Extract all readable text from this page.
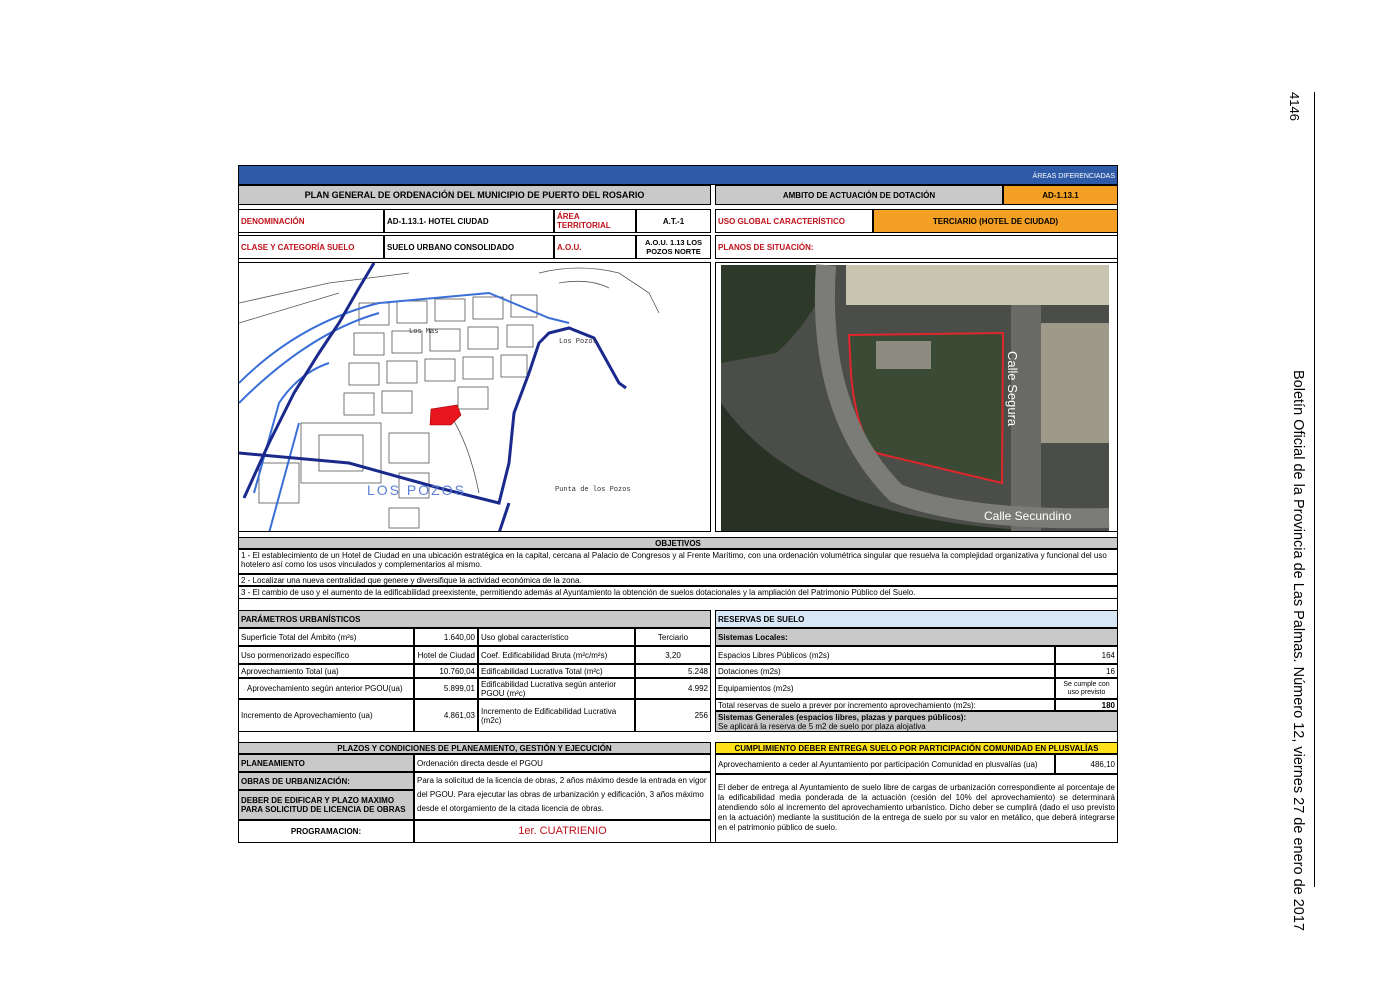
4146
Boletín Oficial de la Provincia de Las Palmas. Número 12, viernes 27 de enero de 2017
ÁREAS DIFERENCIADAS
PLAN GENERAL DE ORDENACIÓN DEL MUNICIPIO DE PUERTO DEL ROSARIO	AMBITO DE ACTUACIÓN DE DOTACIÓN	AD-1.13.1
DENOMINACIÓN	AD-1.13.1- HOTEL CIUDAD	ÁREA TERRITORIAL	A.T.-1	USO GLOBAL CARACTERÍSTICO	TERCIARIO (HOTEL DE CIUDAD)
CLASE Y CATEGORÍA SUELO	SUELO URBANO CONSOLIDADO	A.O.U.	A.O.U. 1.13 LOS POZOS NORTE	PLANOS DE SITUACIÓN:
LOS POZOS	Punta de los Pozos
Los Pozos
Los Mas
Calle Segura
Calle Secundino
OBJETIVOS
1 - El establecimiento de un Hotel de Ciudad en una ubicación estratégica en la capital, cercana al Palacio de Congresos y al Frente Marítimo, con una ordenación volumétrica singular que resuelva la complejidad organizativa y funcional del uso hotelero así como los usos vinculados y complementarios al mismo.
2 - Localizar una nueva centralidad que genere y diversifique la actividad económica de la zona.
3 - El cambio de uso y el aumento de la edificabilidad preexistente, permitiendo además al Ayuntamiento la obtención de suelos dotacionales y la ampliación del Patrimonio Público del Suelo.
PARÁMETROS URBANÍSTICOS
Superficie Total del Ámbito (m²s)	1.640,00 Uso global característico	Terciario
Uso pormenorizado específico	Hotel de Ciudad Coef. Edificabilidad Bruta (m²c/m²s)	3,20
Aprovechamiento Total (ua)	10.760,04 Edificabilidad Lucrativa Total (m²c)	5.248
Aprovechamiento según anterior PGOU(ua)	5.899,01 Edificabilidad Lucrativa según anterior PGOU (m²c)	4.992
Incremento de Aprovechamiento (ua)	4.861,03 Incremento de Edificabilidad Lucrativa (m2c)	256
RESERVAS DE SUELO
Sistemas Locales:
Espacios Libres Públicos (m2s)	164
Dotaciones (m2s)	16
Equipamientos (m2s)	Se cumple con uso previsto
Total reservas de suelo a prever por incremento aprovechamiento (m2s):	180
Sistemas Generales (espacios libres, plazas y parques públicos):
Se aplicará la reserva de 5 m2 de suelo por plaza alojativa
PLAZOS Y CONDICIONES DE PLANEAMIENTO, GESTIÓN Y EJECUCIÓN
PLANEAMIENTO	Ordenación directa desde el PGOU
OBRAS DE URBANIZACIÓN:
DEBER DE EDIFICAR Y PLAZO MAXIMO PARA SOLICITUD DE LICENCIA DE OBRAS
Para la solicitud de la licencia de obras, 2 años máximo desde la entrada en vigor del PGOU. Para ejecutar las obras de urbanización y edificación, 3 años máximo desde el otorgamiento de la citada licencia de obras.
PROGRAMACION:	1er. CUATRIENIO
CUMPLIMIENTO DEBER ENTREGA SUELO POR PARTICIPACIÓN COMUNIDAD EN PLUSVALÍAS
Aprovechamiento a ceder al Ayuntamiento por participación Comunidad en plusvalías (ua)	486,10
El deber de entrega al Ayuntamiento de suelo libre de cargas de urbanización correspondiente al porcentaje de la edificabilidad media ponderada de la actuación (cesión del 10% del aprovechamiento) se determinará atendiendo sólo al incremento del aprovechamiento urbanístico. Dicho deber se cumplirá (dado el uso previsto en la actuación) mediante la sustitución de la entrega de suelo por su valor en metálico, que deberá integrarse en el patrimonio público de suelo.
